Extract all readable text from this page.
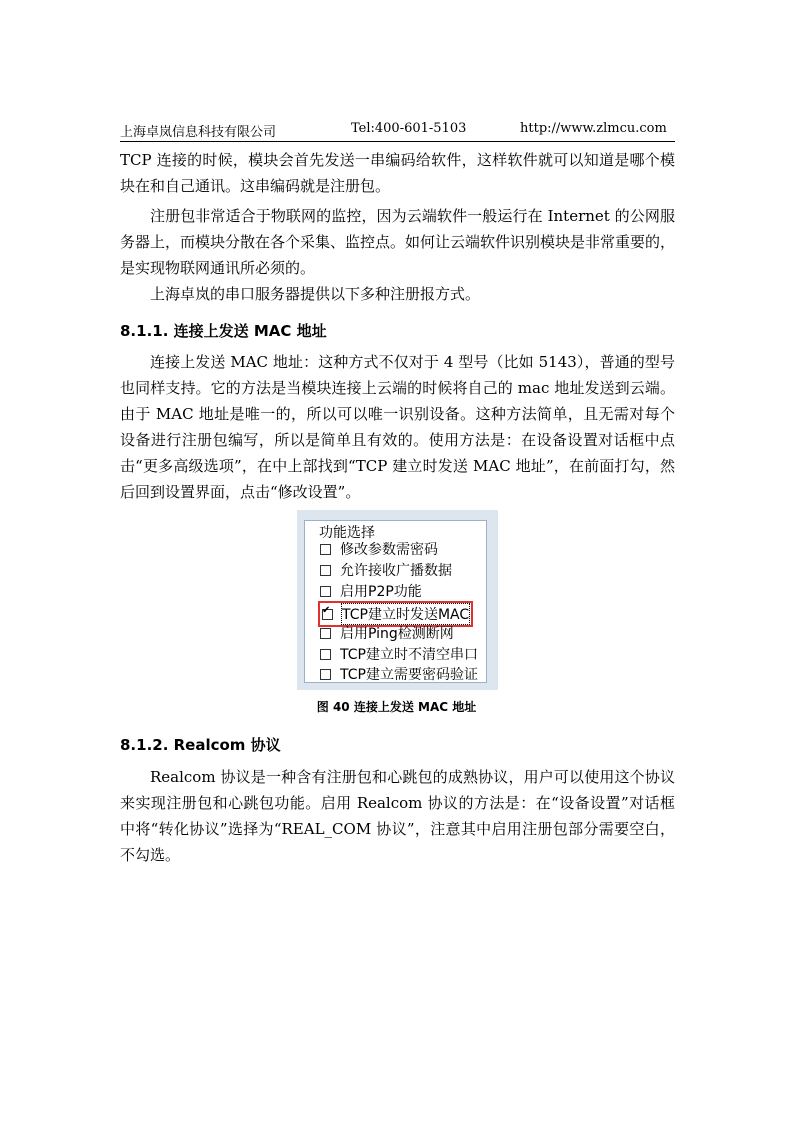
上海卓岚信息科技有限公司	Tel:400-601-5103	http://www.zlmcu.com

TCP 连接的时候，模块会首先发送一串编码给软件，这样软件就可以知道是哪个模块在和自己通讯。这串编码就是注册包。

注册包非常适合于物联网的监控，因为云端软件一般运行在 Internet 的公网服务器上，而模块分散在各个采集、监控点。如何让云端软件识别模块是非常重要的，是实现物联网通讯所必须的。

上海卓岚的串口服务器提供以下多种注册报方式。

8.1.1. 连接上发送 MAC 地址

连接上发送 MAC 地址：这种方式不仅对于 4 型号（比如 5143），普通的型号也同样支持。它的方法是当模块连接上云端的时候将自己的 mac 地址发送到云端。由于 MAC 地址是唯一的，所以可以唯一识别设备。这种方法简单，且无需对每个设备进行注册包编写，所以是简单且有效的。使用方法是：在设备设置对话框中点击“更多高级选项”，在中上部找到“TCP 建立时发送 MAC 地址”，在前面打勾，然后回到设置界面，点击“修改设置”。

功能选择
修改参数需密码
允许接收广播数据
启用P2P功能
✔
TCP建立时发送MAC
启用Ping检测断网
TCP建立时不清空串口
TCP建立需要密码验证
图 40 连接上发送 MAC 地址
8.1.2. Realcom 协议

Realcom 协议是一种含有注册包和心跳包的成熟协议，用户可以使用这个协议来实现注册包和心跳包功能。启用 Realcom 协议的方法是：在“设备设置”对话框中将“转化协议”选择为“REAL_COM 协议”，注意其中启用注册包部分需要空白，不勾选。
